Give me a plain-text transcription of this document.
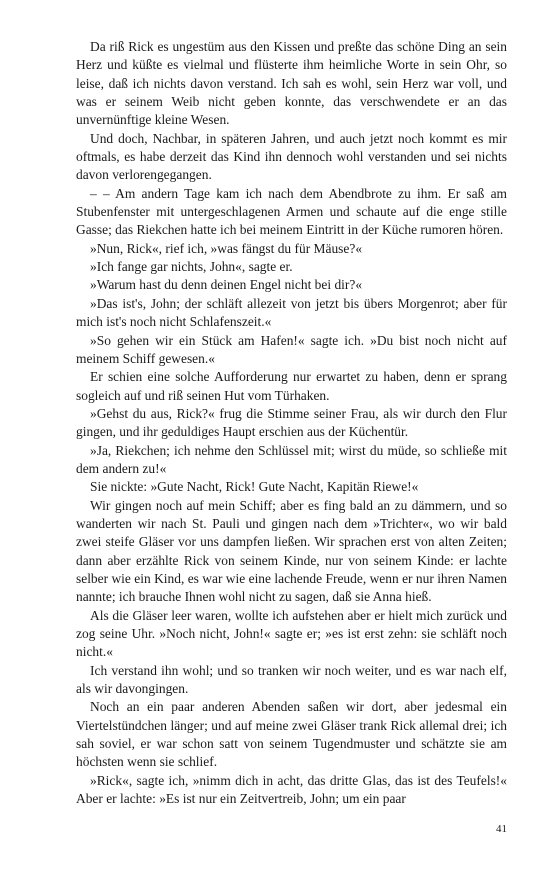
Da riß Rick es ungestüm aus den Kissen und preßte das schöne Ding an sein Herz und küßte es vielmal und flüsterte ihm heimliche Worte in sein Ohr, so leise, daß ich nichts davon verstand. Ich sah es wohl, sein Herz war voll, und was er seinem Weib nicht geben konnte, das verschwendete er an das unvernünftige kleine Wesen.

Und doch, Nachbar, in späteren Jahren, und auch jetzt noch kommt es mir oftmals, es habe derzeit das Kind ihn dennoch wohl verstanden und sei nichts davon verlorengegangen.

– – Am andern Tage kam ich nach dem Abendbrote zu ihm. Er saß am Stubenfenster mit untergeschlagenen Armen und schaute auf die enge stille Gasse; das Riekchen hatte ich bei meinem Eintritt in der Küche rumoren hören.

»Nun, Rick«, rief ich, »was fängst du für Mäuse?«

»Ich fange gar nichts, John«, sagte er.

»Warum hast du denn deinen Engel nicht bei dir?«

»Das ist's, John; der schläft allezeit von jetzt bis übers Morgenrot; aber für mich ist's noch nicht Schlafenszeit.«

»So gehen wir ein Stück am Hafen!« sagte ich. »Du bist noch nicht auf meinem Schiff gewesen.«

Er schien eine solche Aufforderung nur erwartet zu haben, denn er sprang sogleich auf und riß seinen Hut vom Türhaken.

»Gehst du aus, Rick?« frug die Stimme seiner Frau, als wir durch den Flur gingen, und ihr geduldiges Haupt erschien aus der Küchentür.

»Ja, Riekchen; ich nehme den Schlüssel mit; wirst du müde, so schließe mit dem andern zu!«

Sie nickte: »Gute Nacht, Rick! Gute Nacht, Kapitän Riewe!«

Wir gingen noch auf mein Schiff; aber es fing bald an zu dämmern, und so wanderten wir nach St. Pauli und gingen nach dem »Trichter«, wo wir bald zwei steife Gläser vor uns dampfen ließen. Wir sprachen erst von alten Zeiten; dann aber erzählte Rick von seinem Kinde, nur von seinem Kinde: er lachte selber wie ein Kind, es war wie eine lachende Freude, wenn er nur ihren Namen nannte; ich brauche Ihnen wohl nicht zu sagen, daß sie Anna hieß.

Als die Gläser leer waren, wollte ich aufstehen aber er hielt mich zurück und zog seine Uhr. »Noch nicht, John!« sagte er; »es ist erst zehn: sie schläft noch nicht.«

Ich verstand ihn wohl; und so tranken wir noch weiter, und es war nach elf, als wir davongingen.

Noch an ein paar anderen Abenden saßen wir dort, aber jedesmal ein Viertelstündchen länger; und auf meine zwei Gläser trank Rick allemal drei; ich sah soviel, er war schon satt von seinem Tugendmuster und schätzte sie am höchsten wenn sie schlief.

»Rick«, sagte ich, »nimm dich in acht, das dritte Glas, das ist des Teufels!« Aber er lachte: »Es ist nur ein Zeitvertreib, John; um ein paar

41
